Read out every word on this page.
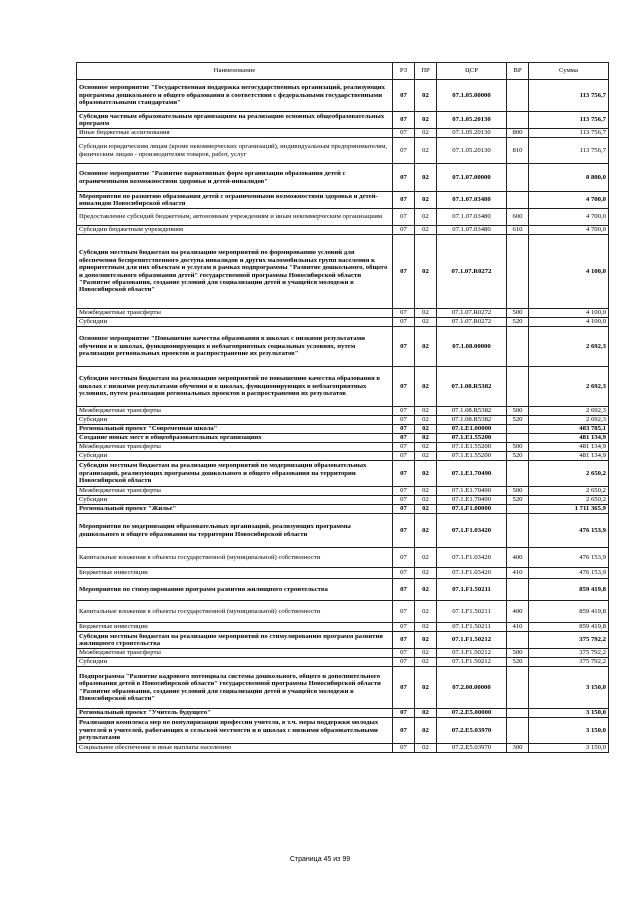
Наименование	РЗ	ПР	ЦСР	ВР	Сумма
Основное мероприятие "Государственная поддержка негосударственных организаций, реализующих программы дошкольного и общего образования в соответствии с федеральными государственными образовательными стандартами"	07	02	07.1.05.00000		113 756,7
Субсидии частным образовательным организациям на реализацию основных общеобразовательных программ	07	02	07.1.05.20130		113 756,7
Иные бюджетные ассигнования	07	02	07.1.05.20130	800	113 756,7
Субсидии юридическим лицам (кроме некоммерческих организаций), индивидуальным предпринимателям, физическим лицам - производителям товаров, работ, услуг	07	02	07.1.05.20130	810	113 756,7
Основное мероприятие "Развитие вариативных форм организации образования детей с ограниченными возможностями здоровья и детей-инвалидов"	07	02	07.1.07.00000		8 800,0
Мероприятия по развитию образования детей с ограниченными возможностями здоровья и детей-инвалидов Новосибирской области	07	02	07.1.07.03480		4 700,0
Предоставление субсидий бюджетным, автономным учреждениям и иным некоммерческим организациям	07	02	07.1.07.03480	600	4 700,0
Субсидии бюджетным учреждениям	07	02	07.1.07.03480	610	4 700,0
Субсидии местным бюджетам на реализацию мероприятий по формированию условий для обеспечения беспрепятственного доступа инвалидов и других маломобильных групп населения к приоритетным для них объектам и услугам в рамках подпрограммы "Развитие дошкольного, общего и дополнительного образования детей" государственной программы Новосибирской области "Развитие образования, создание условий для социализации детей и учащейся молодежи в Новосибирской области"	07	02	07.1.07.R0272		4 100,0
Межбюджетные трансферты	07	02	07.1.07.R0272	500	4 100,0
Субсидии	07	02	07.1.07.R0272	520	4 100,0
Основное мероприятие "Повышение качества образования в школах с низкими результатами обучения и в школах, функционирующих в неблагоприятных социальных условиях, путем реализации региональных проектов и распространение их результатов"	07	02	07.1.08.00000		2 692,3
Субсидии местным бюджетам на реализацию мероприятий по повышению качества образования в школах с низкими результатами обучения и в школах, функционирующих в неблагоприятных условиях, путем реализации региональных проектов и распространения их результатов	07	02	07.1.08.R5382		2 692,3
Межбюджетные трансферты	07	02	07.1.08.R5382	500	2 692,3
Субсидии	07	02	07.1.08.R5382	520	2 692,3
Региональный проект "Современная школа"	07	02	07.1.E1.00000		483 785,1
Создание новых мест в общеобразовательных организациях	07	02	07.1.E1.55200		481 134,9
Межбюджетные трансферты	07	02	07.1.E1.55200	500	481 134,9
Субсидии	07	02	07.1.E1.55200	520	481 134,9
Субсидии местным бюджетам на реализацию мероприятий по модернизации образовательных организаций, реализующих программы дошкольного и общего образования на территории Новосибирской области	07	02	07.1.E1.70490		2 650,2
Межбюджетные трансферты	07	02	07.1.E1.70490	500	2 650,2
Субсидии	07	02	07.1.E1.70490	520	2 650,2
Региональный проект "Жилье"	07	02	07.1.F1.00000		1 711 365,9
Мероприятия по модернизации образовательных организаций, реализующих программы дошкольного и общего образования на территории Новосибирской области	07	02	07.1.F1.03420		476 153,9
Капитальные вложения в объекты государственной (муниципальной) собственности	07	02	07.1.F1.03420	400	476 153,9
Бюджетные инвестиции	07	02	07.1.F1.03420	410	476 153,9
Мероприятия по стимулированию программ развития жилищного строительства	07	02	07.1.F1.50211		859 419,8
Капитальные вложения в объекты государственной (муниципальной) собственности	07	02	07.1.F1.50211	400	859 419,8
Бюджетные инвестиции	07	02	07.1.F1.50211	410	859 419,8
Субсидии местным бюджетам на реализацию мероприятий по стимулированию программ развития жилищного строительства	07	02	07.1.F1.50212		375 792,2
Межбюджетные трансферты	07	02	07.1.F1.50212	500	375 792,2
Субсидии	07	02	07.1.F1.50212	520	375 792,2
Подпрограмма "Развитие кадрового потенциала системы дошкольного, общего и дополнительного образования детей в Новосибирской области" государственной программы Новосибирской области "Развитие образования, создание условий для социализации детей и учащейся молодежи в Новосибирской области"	07	02	07.2.00.00000		3 150,0
Региональный проект "Учитель будущего"	07	02	07.2.E5.00000		3 150,0
Реализация комплекса мер по популяризации профессии учителя, в т.ч. меры поддержки молодых учителей и учителей, работающих в сельской местности и в школах с низкими образовательными результатами	07	02	07.2.E5.03970		3 150,0
Социальное обеспечение и иные выплаты населению	07	02	07.2.E5.03970	300	3 150,0
Страница 45 из 99
